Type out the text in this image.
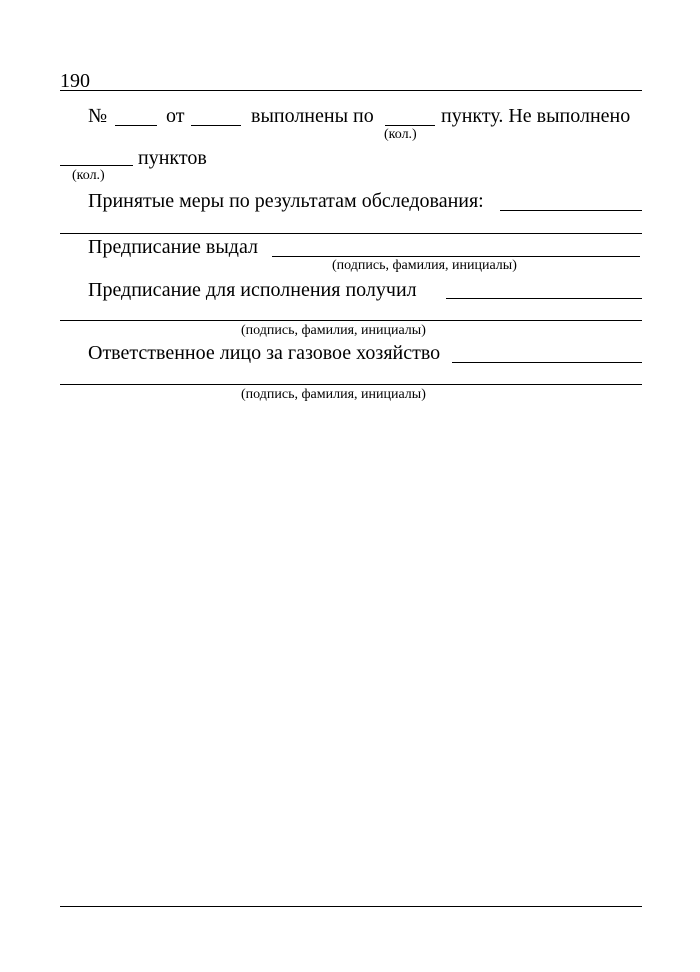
190
№	от	выполнены по	пункту. Не выполнено
(кол.)
пунктов
(кол.)
Принятые меры по результатам обследования:
Предписание выдал
(подпись, фамилия, инициалы)
Предписание для исполнения получил
(подпись, фамилия, инициалы)
Ответственное лицо за газовое хозяйство
(подпись, фамилия, инициалы)
